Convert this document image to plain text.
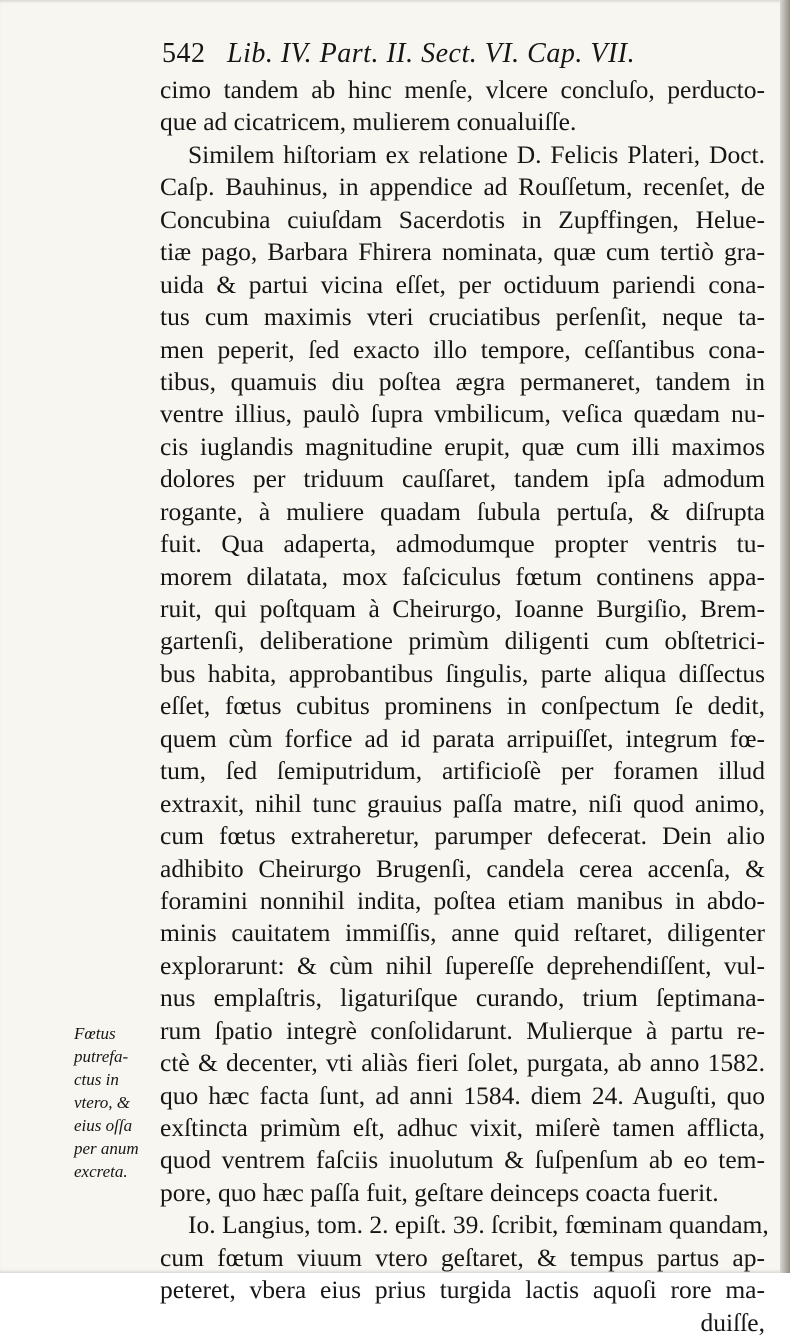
542 Lib. IV. Part. II. Sect. VI. Cap. VII.
cimo tandem ab hinc menſe, vlcere concluſo, perducto-
que ad cicatricem, mulierem conualuiſſe.
Similem hiſtoriam ex relatione D. Felicis Plateri, Doct.
Caſp. Bauhinus, in appendice ad Rouſſetum, recenſet, de
Concubina cuiuſdam Sacerdotis in Zupffingen, Helue-
tiæ pago, Barbara Fhirera nominata, quæ cum tertiò gra-
uida & partui vicina eſſet, per octiduum pariendi cona-
tus cum maximis vteri cruciatibus perſenſit, neque ta-
men peperit, ſed exacto illo tempore, ceſſantibus cona-
tibus, quamuis diu poſtea ægra permaneret, tandem in
ventre illius, paulò ſupra vmbilicum, veſica quædam nu-
cis iuglandis magnitudine erupit, quæ cum illi maximos
dolores per triduum cauſſaret, tandem ipſa admodum
rogante, à muliere quadam ſubula pertuſa, & diſrupta
fuit. Qua adaperta, admodumque propter ventris tu-
morem dilatata, mox faſciculus fœtum continens appa-
ruit, qui poſtquam à Cheirurgo, Ioanne Burgiſio, Brem-
gartenſi, deliberatione primùm diligenti cum obſtetrici-
bus habita, approbantibus ſingulis, parte aliqua diſſectus
eſſet, fœtus cubitus prominens in conſpectum ſe dedit,
quem cùm forfice ad id parata arripuiſſet, integrum fœ-
tum, ſed ſemiputridum, artificioſè per foramen illud
extraxit, nihil tunc grauius paſſa matre, niſi quod animo,
cum fœtus extraheretur, parumper defecerat. Dein alio
adhibito Cheirurgo Brugenſi, candela cerea accenſa, &
foramini nonnihil indita, poſtea etiam manibus in abdo-
minis cauitatem immiſſis, anne quid reſtaret, diligenter
explorarunt: & cùm nihil ſupereſſe deprehendiſſent, vul-
nus emplaſtris, ligaturiſque curando, trium ſeptimana-
rum ſpatio integrè conſolidarunt. Mulierque à partu re-
ctè & decenter, vti aliàs fieri ſolet, purgata, ab anno 1582.
quo hæc facta ſunt, ad anni 1584. diem 24. Auguſti, quo
exſtincta primùm eſt, adhuc vixit, miſerè tamen afflicta,
quod ventrem faſciis inuolutum & ſuſpenſum ab eo tem-
pore, quo hæc paſſa fuit, geſtare deinceps coacta fuerit.
Io. Langius, tom. 2. epiſt. 39. ſcribit, fœminam quandam,
cum fœtum viuum vtero geſtaret, & tempus partus ap-
peteret, vbera eius prius turgida lactis aquoſi rore ma-
duiſſe,
Fœtus
putrefa-
ctus in
vtero, &
eius oſſa
per anum
excreta.
